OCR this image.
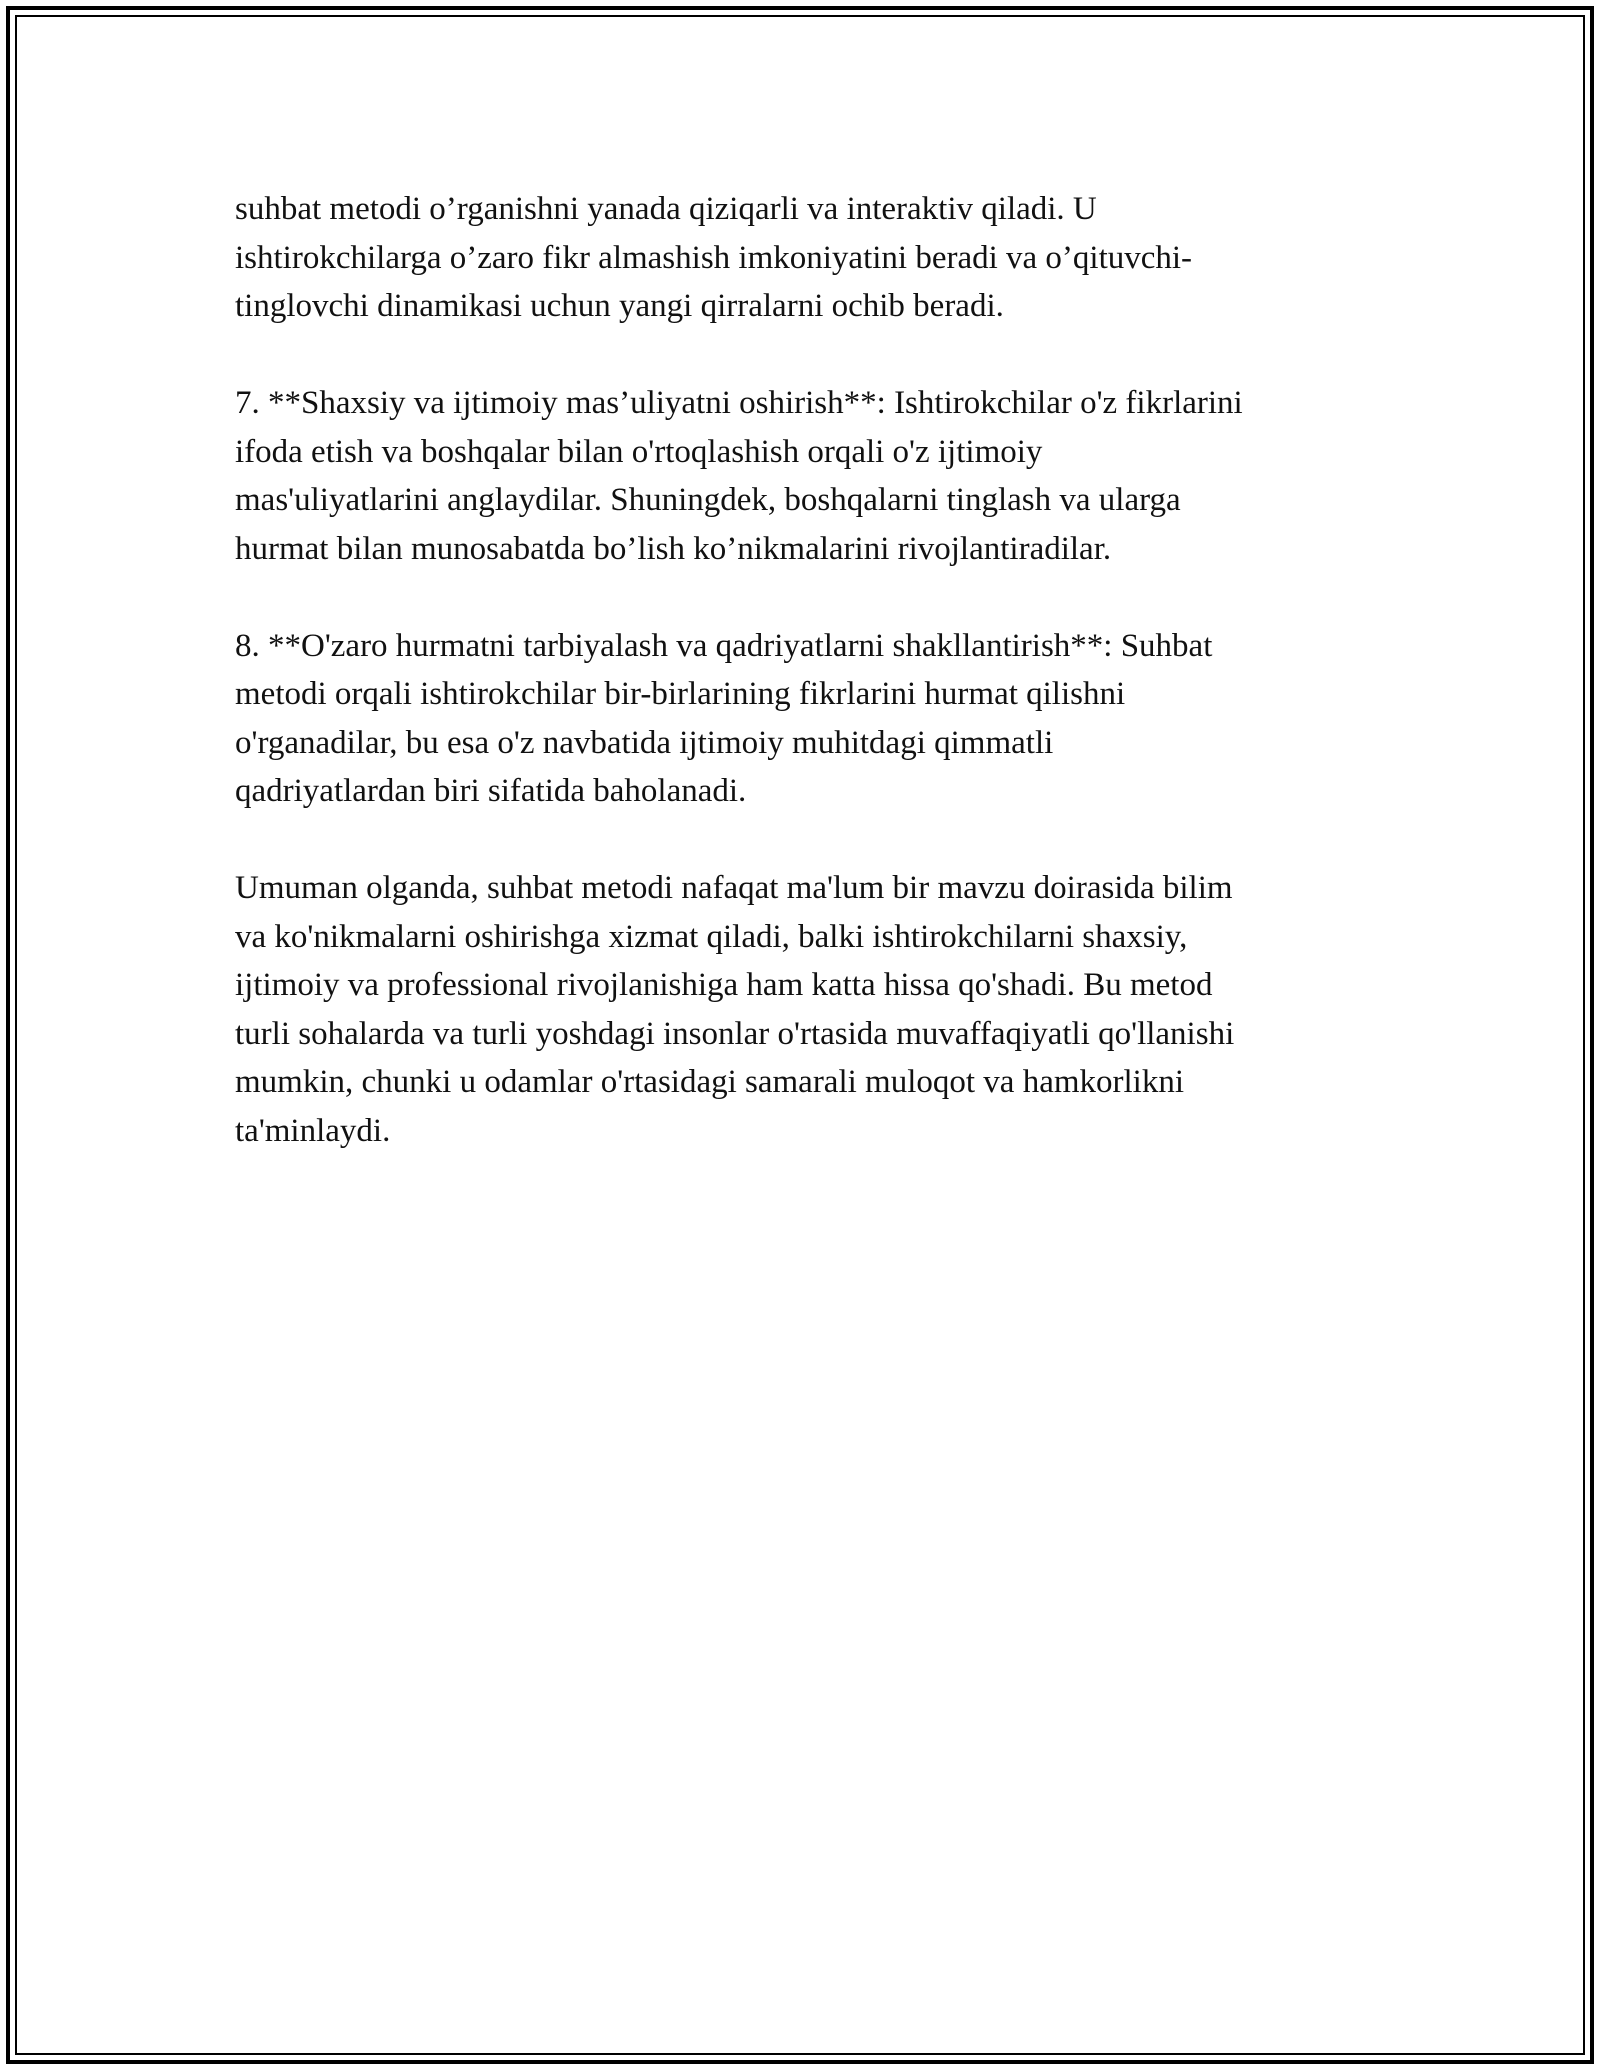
suhbat metodi o’rganishni yanada qiziqarli va interaktiv qiladi. U
ishtirokchilarga o’zaro fikr almashish imkoniyatini beradi va o’qituvchi-
tinglovchi dinamikasi uchun yangi qirralarni ochib beradi.

7. **Shaxsiy va ijtimoiy mas’uliyatni oshirish**: Ishtirokchilar o'z fikrlarini
ifoda etish va boshqalar bilan o'rtoqlashish orqali o'z ijtimoiy
mas'uliyatlarini anglaydilar. Shuningdek, boshqalarni tinglash va ularga
hurmat bilan munosabatda bo’lish ko’nikmalarini rivojlantiradilar.

8. **O'zaro hurmatni tarbiyalash va qadriyatlarni shakllantirish**: Suhbat
metodi orqali ishtirokchilar bir-birlarining fikrlarini hurmat qilishni
o'rganadilar, bu esa o'z navbatida ijtimoiy muhitdagi qimmatli
qadriyatlardan biri sifatida baholanadi.

Umuman olganda, suhbat metodi nafaqat ma'lum bir mavzu doirasida bilim
va ko'nikmalarni oshirishga xizmat qiladi, balki ishtirokchilarni shaxsiy,
ijtimoiy va professional rivojlanishiga ham katta hissa qo'shadi. Bu metod
turli sohalarda va turli yoshdagi insonlar o'rtasida muvaffaqiyatli qo'llanishi
mumkin, chunki u odamlar o'rtasidagi samarali muloqot va hamkorlikni
ta'minlaydi.
